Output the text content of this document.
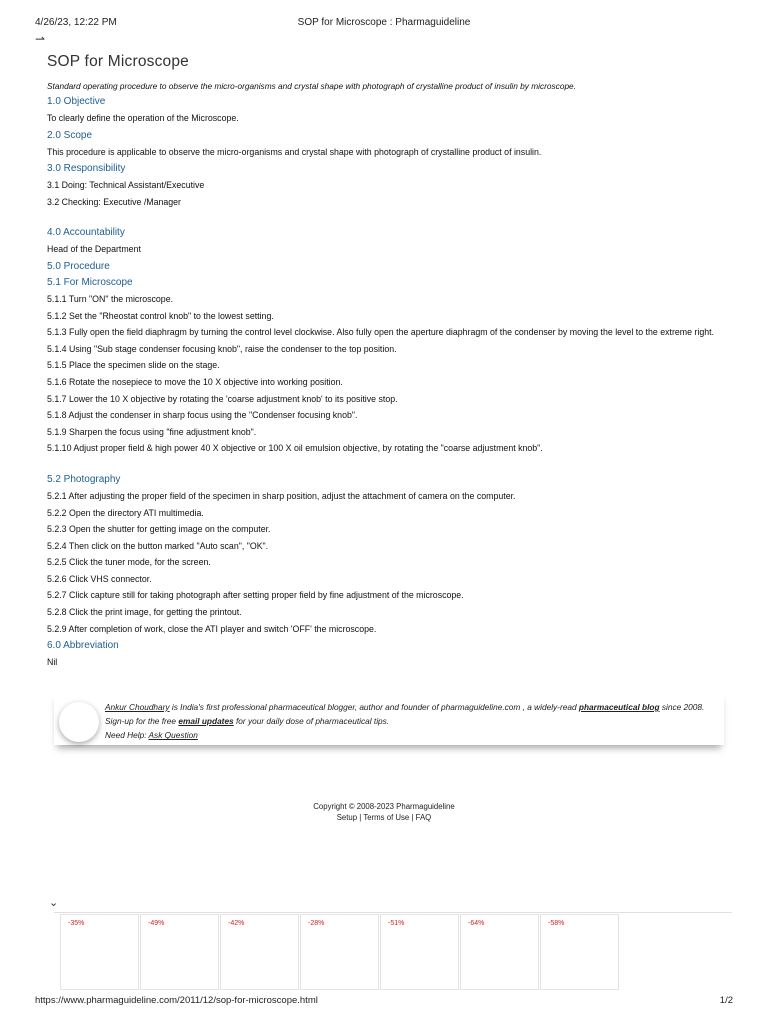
4/26/23, 12:22 PM	SOP for Microscope : Pharmaguideline
⇀
SOP for Microscope

Standard operating procedure to observe the micro-organisms and crystal shape with photograph of crystalline product of insulin by microscope.

1.0 Objective

To clearly define the operation of the Microscope.

2.0 Scope

This procedure is applicable to observe the micro-organisms and crystal shape with photograph of crystalline product of insulin.

3.0 Responsibility

3.1 Doing: Technical Assistant/Executive

3.2 Checking: Executive /Manager

4.0 Accountability

Head of the Department

5.0 Procedure
5.1 For Microscope

5.1.1 Turn "ON" the microscope.

5.1.2 Set the "Rheostat control knob" to the lowest setting.

5.1.3 Fully open the field diaphragm by turning the control level clockwise. Also fully open the aperture diaphragm of the condenser by moving the level to the extreme right.

5.1.4 Using "Sub stage condenser focusing knob", raise the condenser to the top position.

5.1.5 Place the specimen slide on the stage.

5.1.6 Rotate the nosepiece to move the 10 X objective into working position.

5.1.7 Lower the 10 X objective by rotating the 'coarse adjustment knob' to its positive stop.

5.1.8 Adjust the condenser in sharp focus using the "Condenser focusing knob".

5.1.9 Sharpen the focus using "fine adjustment knob".

5.1.10 Adjust proper field & high power 40 X objective or 100 X oil emulsion objective, by rotating the "coarse adjustment knob".

5.2 Photography

5.2.1 After adjusting the proper field of the specimen in sharp position, adjust the attachment of camera on the computer.

5.2.2 Open the directory ATI multimedia.

5.2.3 Open the shutter for getting image on the computer.

5.2.4 Then click on the button marked "Auto scan", "OK".

5.2.5 Click the tuner mode, for the screen.

5.2.6 Click VHS connector.

5.2.7 Click capture still for taking photograph after setting proper field by fine adjustment of the microscope.

5.2.8 Click the print image, for getting the printout.

5.2.9 After completion of work, close the ATI player and switch 'OFF' the microscope.

6.0 Abbreviation

Nil

Ankur Choudhary is India's first professional pharmaceutical blogger, author and founder of pharmaguideline.com , a widely-read pharmaceutical blog since 2008. Sign-up for the free email updates for your daily dose of pharmaceutical tips.
Need Help: Ask Question
Copyright © 2008-2023 Pharmaguideline
Setup | Terms of Use | FAQ
⌄
-35%	-49%	-42%	-28%	-51%	-64%	-58%
https://www.pharmaguideline.com/2011/12/sop-for-microscope.html	1/2
